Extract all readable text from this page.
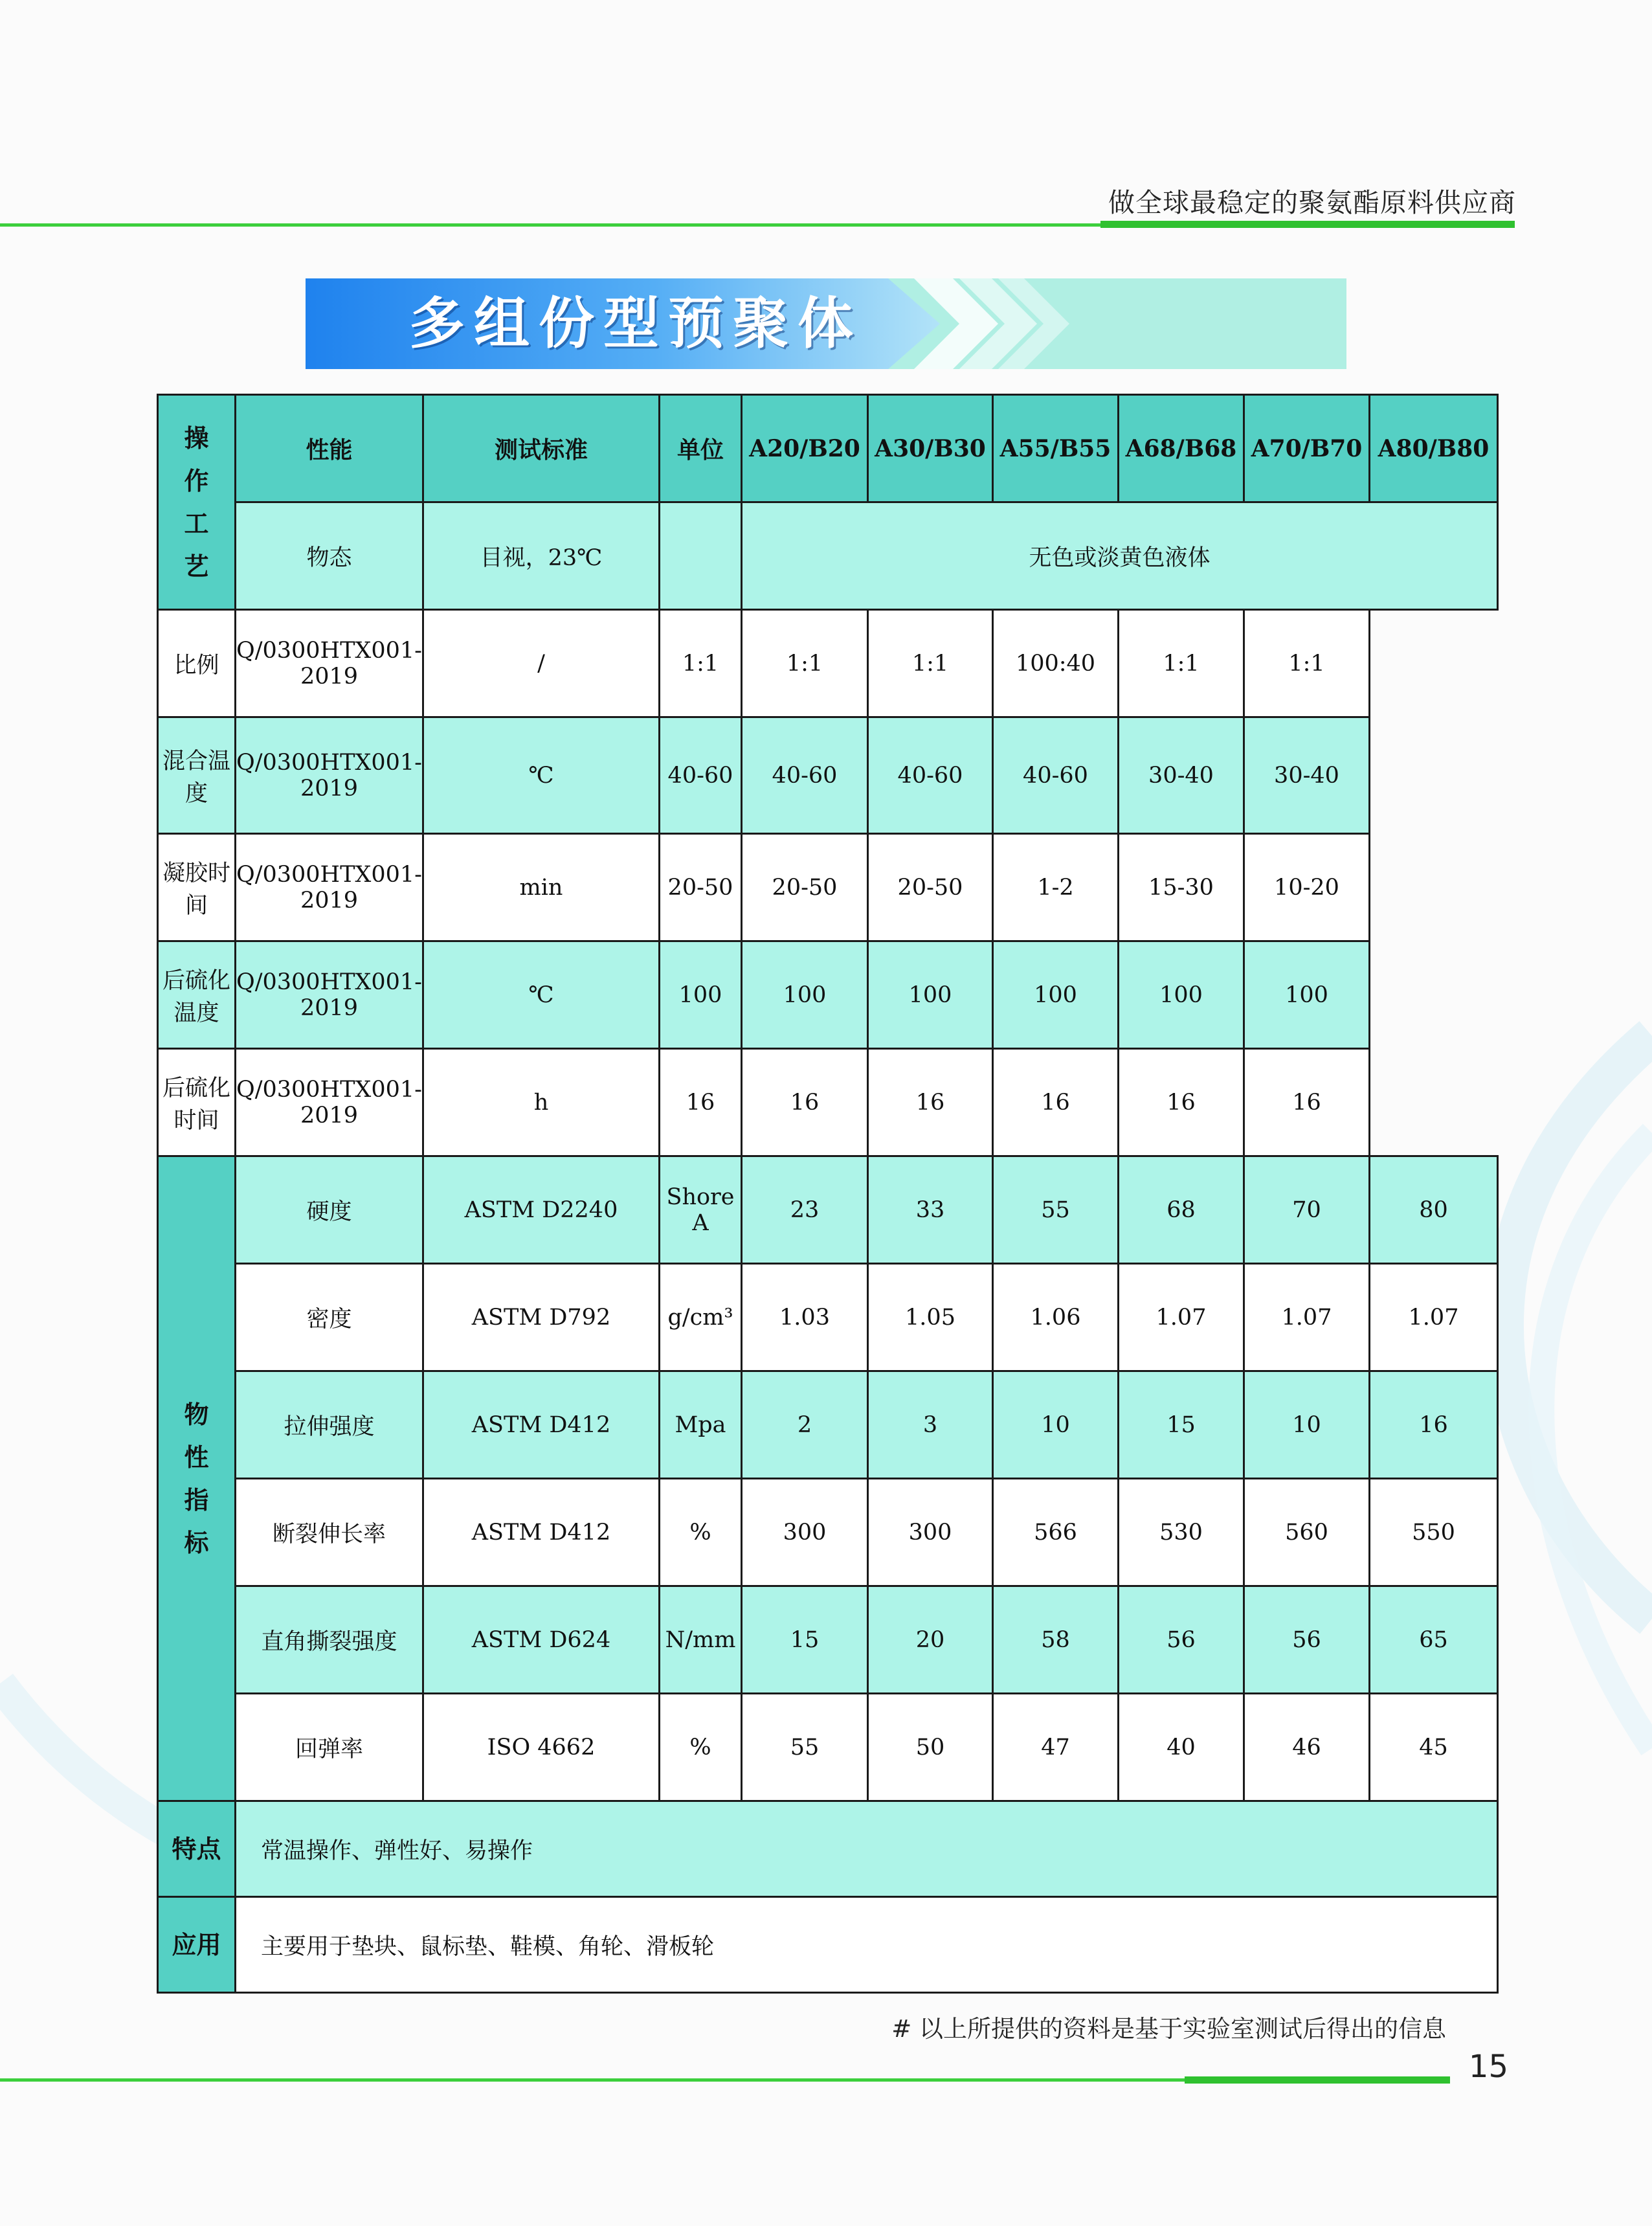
做全球最稳定的聚氨酯原料供应商
多组份型预聚体
操
作
工
艺	性能	测试标准	单位	A20/B20	A30/B30	A55/B55	A68/B68	A70/B70	A80/B80
	物态	目视，23℃		无色或淡黄色液体					
比例	Q/0300HTX001-2019	/	1:1	1:1	1:1	100:40	1:1	1:1	
混合温度	Q/0300HTX001-2019	℃	40-60	40-60	40-60	40-60	30-40	30-40	
凝胶时间	Q/0300HTX001-2019	min	20-50	20-50	20-50	1-2	15-30	10-20	
后硫化温度	Q/0300HTX001-2019	℃	100	100	100	100	100	100	
后硫化时间	Q/0300HTX001-2019	h	16	16	16	16	16	16	
物
性
指
标	硬度	ASTM D2240	Shore A	23	33	55	68	70	80
	密度	ASTM D792	g/cm³	1.03	1.05	1.06	1.07	1.07	1.07
	拉伸强度	ASTM D412	Mpa	2	3	10	15	10	16
	断裂伸长率	ASTM D412	%	300	300	566	530	560	550
	直角撕裂强度	ASTM D624	N/mm	15	20	58	56	56	65
	回弹率	ISO 4662	%	55	50	47	40	46	45
特点	常温操作、弹性好、易操作								
应用	主要用于垫块、鼠标垫、鞋模、角轮、滑板轮								
# 以上所提供的资料是基于实验室测试后得出的信息
15
